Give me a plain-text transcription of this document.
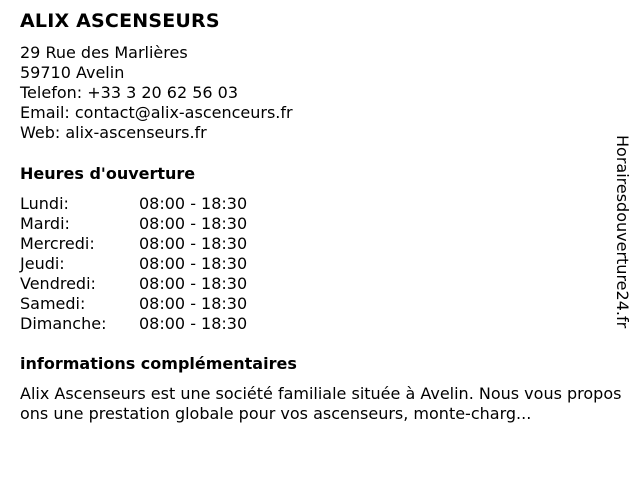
ALIX ASCENSEURS
29 Rue des Marlières
59710 Avelin
Telefon: +33 3 20 62 56 03
Email: contact@alix-ascenceurs.fr
Web: alix-ascenseurs.fr
Heures d'ouverture
Lundi:	08:00 - 18:30
Mardi:	08:00 - 18:30
Mercredi:	08:00 - 18:30
Jeudi:	08:00 - 18:30
Vendredi:	08:00 - 18:30
Samedi:	08:00 - 18:30
Dimanche: 08:00 - 18:30
informations complémentaires
Alix Ascenseurs est une société familiale située à Avelin. Nous vous proposons une prestation globale pour vos ascenseurs, monte-charg...
Horairesdouverture24.fr
